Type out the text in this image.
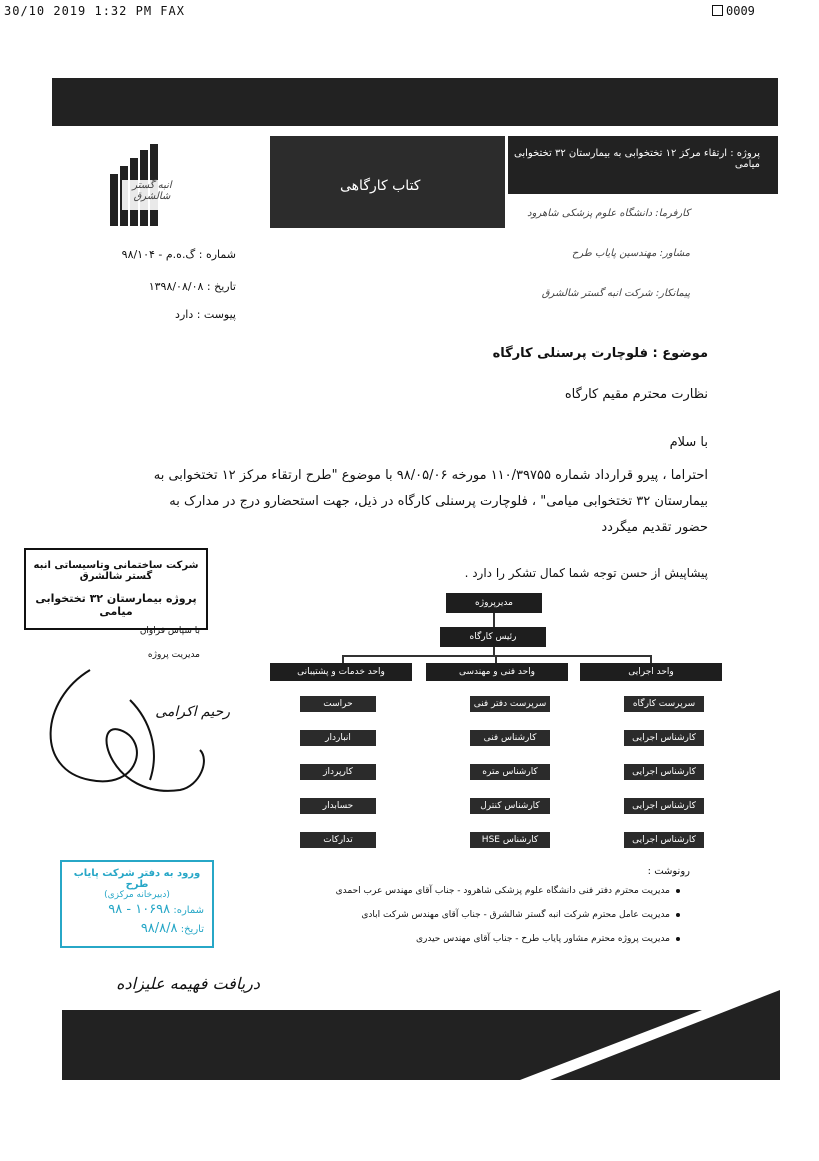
30/10 2019 1:32 PM FAX	0009
پروژه : ارتقاء مرکز ۱۲ تختخوابی به بیمارستان ۳۲ تختخوابی میامی
کتاب کارگاهی
انبه گستر شالشرق
کارفرما: دانشگاه علوم پزشکی شاهرود
مشاور: مهندسین پایاب طرح
پیمانکار: شرکت انبه گستر شالشرق
شماره : گ.ه.م - ۹۸/۱۰۴
تاریخ : ۱۳۹۸/۰۸/۰۸
پیوست : دارد
موضوع : فلوچارت پرسنلی کارگاه
نظارت محترم مقیم کارگاه
با سلام
احتراما ، پیرو قرارداد شماره ۱۱۰/۳۹۷۵۵ مورخه ۹۸/۰۵/۰۶ با موضوع "طرح ارتقاء مرکز ۱۲ تختخوابی به
بیمارستان ۳۲ تختخوابی میامی" ، فلوچارت پرسنلی کارگاه در ذیل، جهت استحضارو درج در مدارک به
حضور تقدیم میگردد
پیشاپیش از حسن توجه شما کمال تشکر را دارد .
شرکت ساختمانی وتاسیساتی انبه گستر شالشرق
پروژه بیمارستان ۳۲ تختخوابی میامی
با سپاس فراوان
مدیریت پروژه
رحیم اکرامی
مدیرپروژه
رئیس کارگاه
واحد اجرایی
سرپرست کارگاه
کارشناس اجرایی
کارشناس اجرایی
کارشناس اجرایی
کارشناس اجرایی
واحد فنی و مهندسی
سرپرست دفتر فنی
کارشناس فنی
کارشناس متره
کارشناس کنترل پروژه
کارشناس HSE
واحد خدمات و پشتیبانی
حراست
انباردار
کارپرداز
حسابدار
تدارکات
ورود به دفتر شرکت پایاب طرح
(دبیرخانه مرکزی)
شماره: ۱۰۶۹۸ - ۹۸
تاریخ: ۹۸/۸/۸
رونوشت :
مدیریت محترم دفتر فنی دانشگاه علوم پزشکی شاهرود - جناب آقای مهندس عرب احمدی
مدیریت عامل محترم شرکت انبه گستر شالشرق - جناب آقای مهندس شرکت ابادی
مدیریت پروژه محترم مشاور پایاب طرح - جناب آقای مهندس حیدری
دریافت فهیمه علیزاده
